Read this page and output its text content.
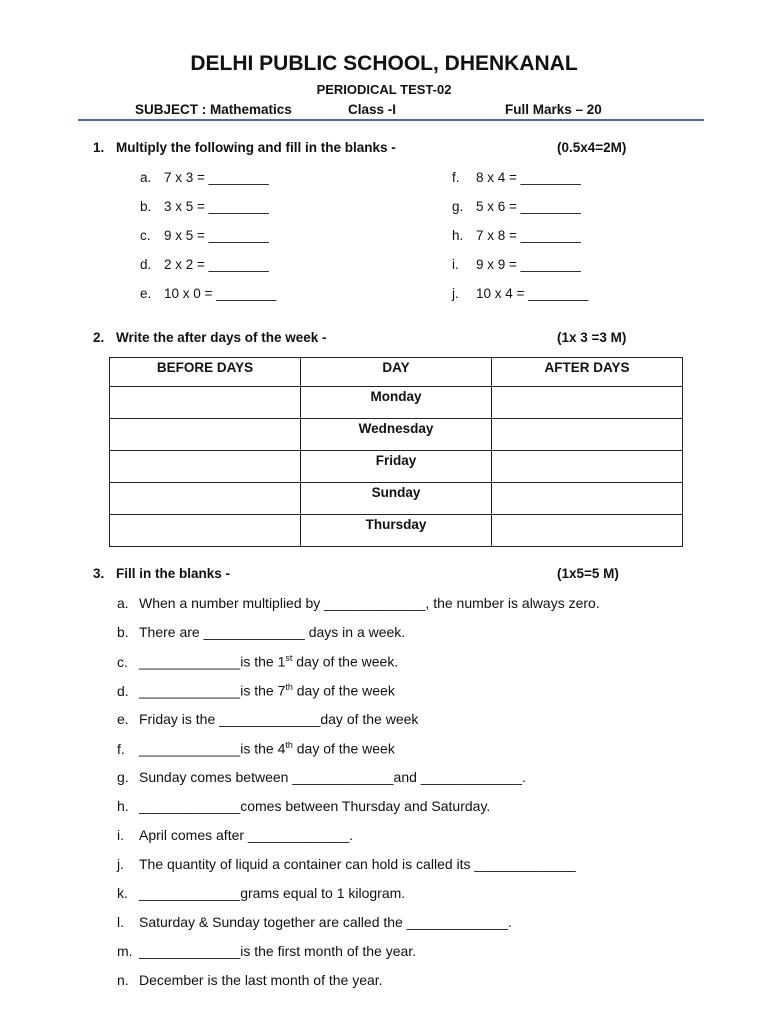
DELHI PUBLIC SCHOOL, DHENKANAL
PERIODICAL TEST-02
SUBJECT : Mathematics	Class -I	Full Marks – 20
1. Multiply the following and fill in the blanks -	(0.5x4=2M)
a. 7 x 3 = ________
b. 3 x 5 = ________
c. 9 x 5 = ________
d. 2 x 2 = ________
e. 10 x 0 = ________
f. 8 x 4 = ________
g. 5 x 6 = ________
h. 7 x 8 = ________
i. 9 x 9 = ________
j. 10 x 4 = ________
2. Write the after days of the week -	(1x 3 =3 M)
BEFORE DAYS	DAY	AFTER DAYS
	Monday	
	Wednesday	
	Friday	
	Sunday	
	Thursday	
3. Fill in the blanks -	(1x5=5 M)
a. When a number multiplied by _____________, the number is always zero.
b. There are _____________ days in a week.
c. _____________is the 1st day of the week.
d. _____________is the 7th day of the week
e. Friday is the _____________day of the week
f. _____________is the 4th day of the week
g. Sunday comes between _____________and _____________.
h. _____________comes between Thursday and Saturday.
i. April comes after _____________.
j. The quantity of liquid a container can hold is called its _____________
k. _____________grams equal to 1 kilogram.
l. Saturday & Sunday together are called the _____________.
m. _____________is the first month of the year.
n. December is the last month of the year.
